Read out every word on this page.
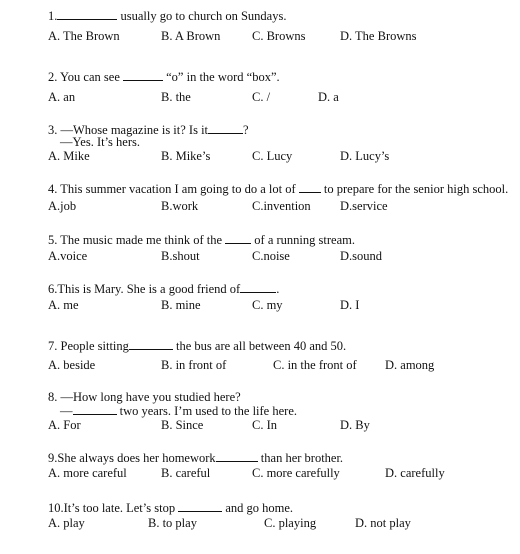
1.	usually go to church on Sundays.
A. The Brown	B. A Brown	C. Browns	D. The Browns
2. You can see	“o” in the word “box”.
A. an	B. the	C. /	D. a
3. —Whose magazine is it? Is it	?
—Yes. It’s hers.
A. Mike	B. Mike’s	C. Lucy	D. Lucy’s
4. This summer vacation I am going to do a lot of to prepare for the senior high school.
A.job	B.work	C.invention D.service
5. The music made me think of the	of a running stream.
A.voice	B.shout	C.noise	D.sound
6.This is Mary. She is a good friend of	.
A. me	B. mine	C. my	D. I
7. People sitting	the bus are all between 40 and 50.
A. beside	B. in front of	C. in the front of D. among
8. —How long have you studied here?
—	two years. I’m used to the life here.
A. For	B. Since	C. In	D. By
9.She always does her homework	than her brother.
A. more careful	B. careful	C. more carefully	D. carefully
10.It’s too late. Let’s stop	and go home.
A. play	B. to play	C. playing	D. not play
